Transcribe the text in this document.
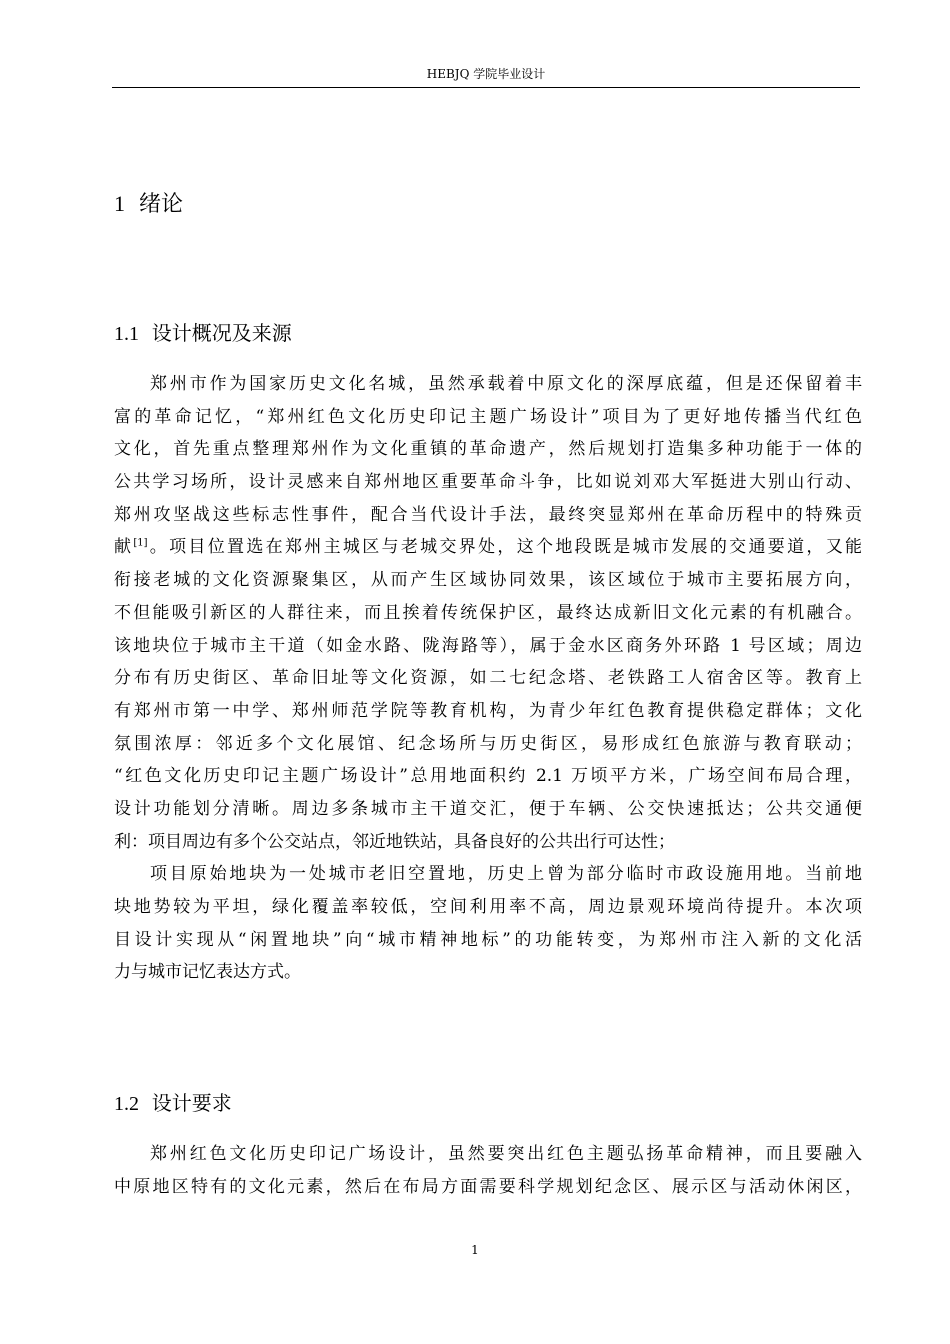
HEBJQ 学院毕业设计
1 绪论
1.1 设计概况及来源
郑州市作为国家历史文化名城，虽然承载着中原文化的深厚底蕴，但是还保留着丰
富的革命记忆，“郑州红色文化历史印记主题广场设计”项目为了更好地传播当代红色
文化，首先重点整理郑州作为文化重镇的革命遗产，然后规划打造集多种功能于一体的
公共学习场所，设计灵感来自郑州地区重要革命斗争，比如说刘邓大军挺进大别山行动、
郑州攻坚战这些标志性事件，配合当代设计手法，最终突显郑州在革命历程中的特殊贡
献[1]。项目位置选在郑州主城区与老城交界处，这个地段既是城市发展的交通要道，又能
衔接老城的文化资源聚集区，从而产生区域协同效果，该区域位于城市主要拓展方向，
不但能吸引新区的人群往来，而且挨着传统保护区，最终达成新旧文化元素的有机融合。
该地块位于城市主干道（如金水路、陇海路等），属于金水区商务外环路 1 号区域；周边
分布有历史街区、革命旧址等文化资源，如二七纪念塔、老铁路工人宿舍区等。教育上
有郑州市第一中学、郑州师范学院等教育机构，为青少年红色教育提供稳定群体；文化
氛围浓厚：邻近多个文化展馆、纪念场所与历史街区，易形成红色旅游与教育联动；
“红色文化历史印记主题广场设计”总用地面积约 2.1 万顷平方米，广场空间布局合理，
设计功能划分清晰。周边多条城市主干道交汇，便于车辆、公交快速抵达；公共交通便
利：项目周边有多个公交站点，邻近地铁站，具备良好的公共出行可达性；
项目原始地块为一处城市老旧空置地，历史上曾为部分临时市政设施用地。当前地
块地势较为平坦，绿化覆盖率较低，空间利用率不高，周边景观环境尚待提升。本次项
目设计实现从“闲置地块”向“城市精神地标”的功能转变，为郑州市注入新的文化活
力与城市记忆表达方式。
1.2 设计要求
郑州红色文化历史印记广场设计，虽然要突出红色主题弘扬革命精神，而且要融入
中原地区特有的文化元素，然后在布局方面需要科学规划纪念区、展示区与活动休闲区，
1
